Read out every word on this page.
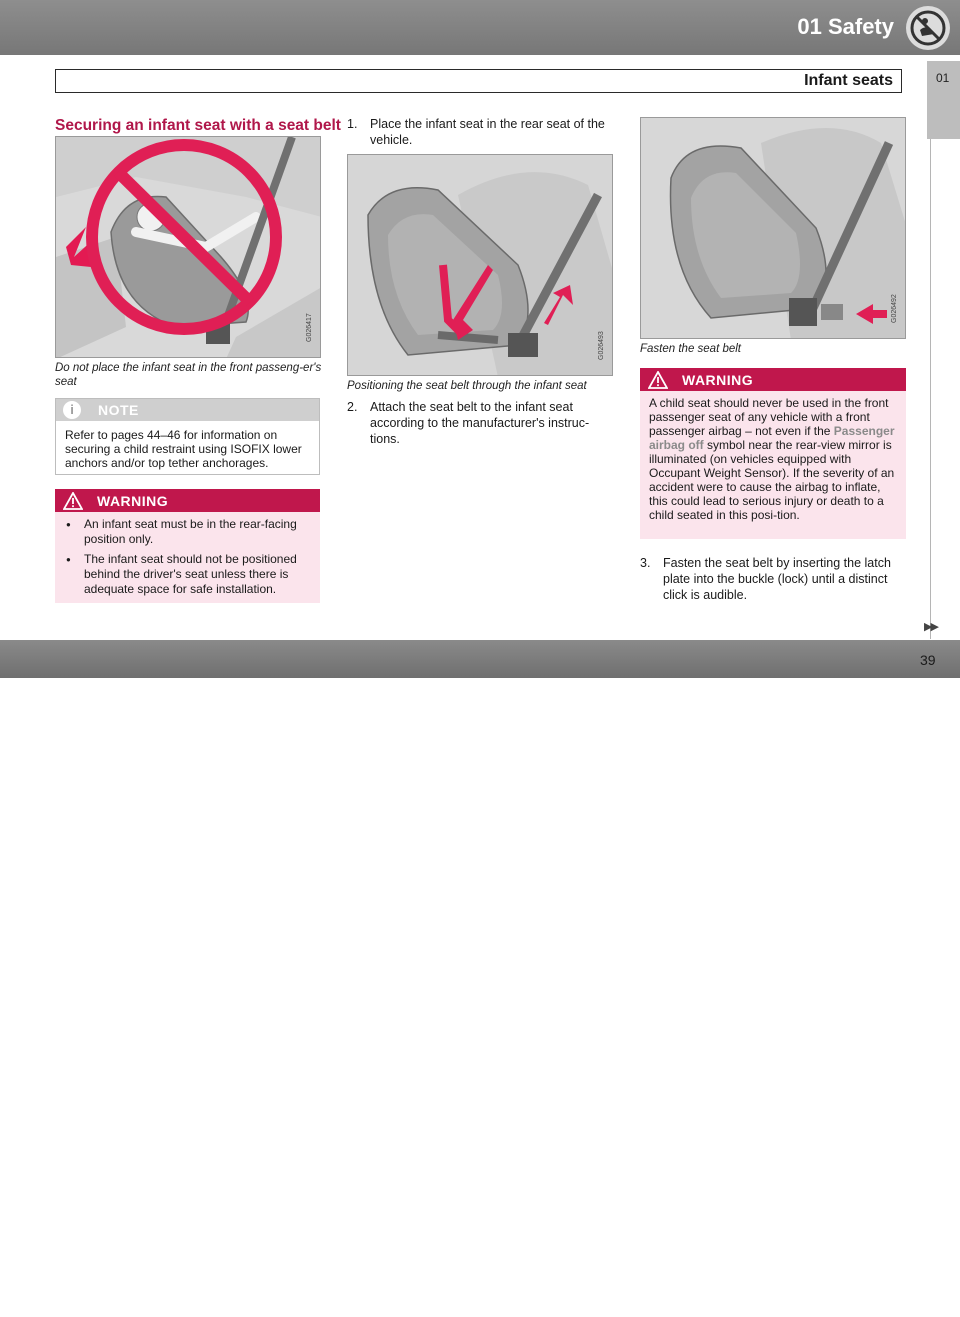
01 Safety
Infant seats	01
Securing an infant seat with a seat belt
G026417
Do not place the infant seat in the front passeng-er's seat
i	NOTE
Refer to pages 44–46 for information on securing a child restraint using ISOFIX lower anchors and/or top tether anchorages.
WARNING
● An infant seat must be in the rear-facing position only.
● The infant seat should not be positioned behind the driver's seat unless there is adequate space for safe installation.
1. Place the infant seat in the rear seat of the vehicle.
G026493
Positioning the seat belt through the infant seat
2. Attach the seat belt to the infant seat according to the manufacturer's instruc-tions.
G026492
Fasten the seat belt
WARNING
A child seat should never be used in the front passenger seat of any vehicle with a front passenger airbag – not even if the Passenger airbag off symbol near the rear-view mirror is illuminated (on vehicles equipped with Occupant Weight Sensor). If the severity of an accident were to cause the airbag to inflate, this could lead to serious injury or death to a child seated in this posi-tion.
3. Fasten the seat belt by inserting the latch plate into the buckle (lock) until a distinct click is audible.
▶▶
carmanualsonline.info
39
